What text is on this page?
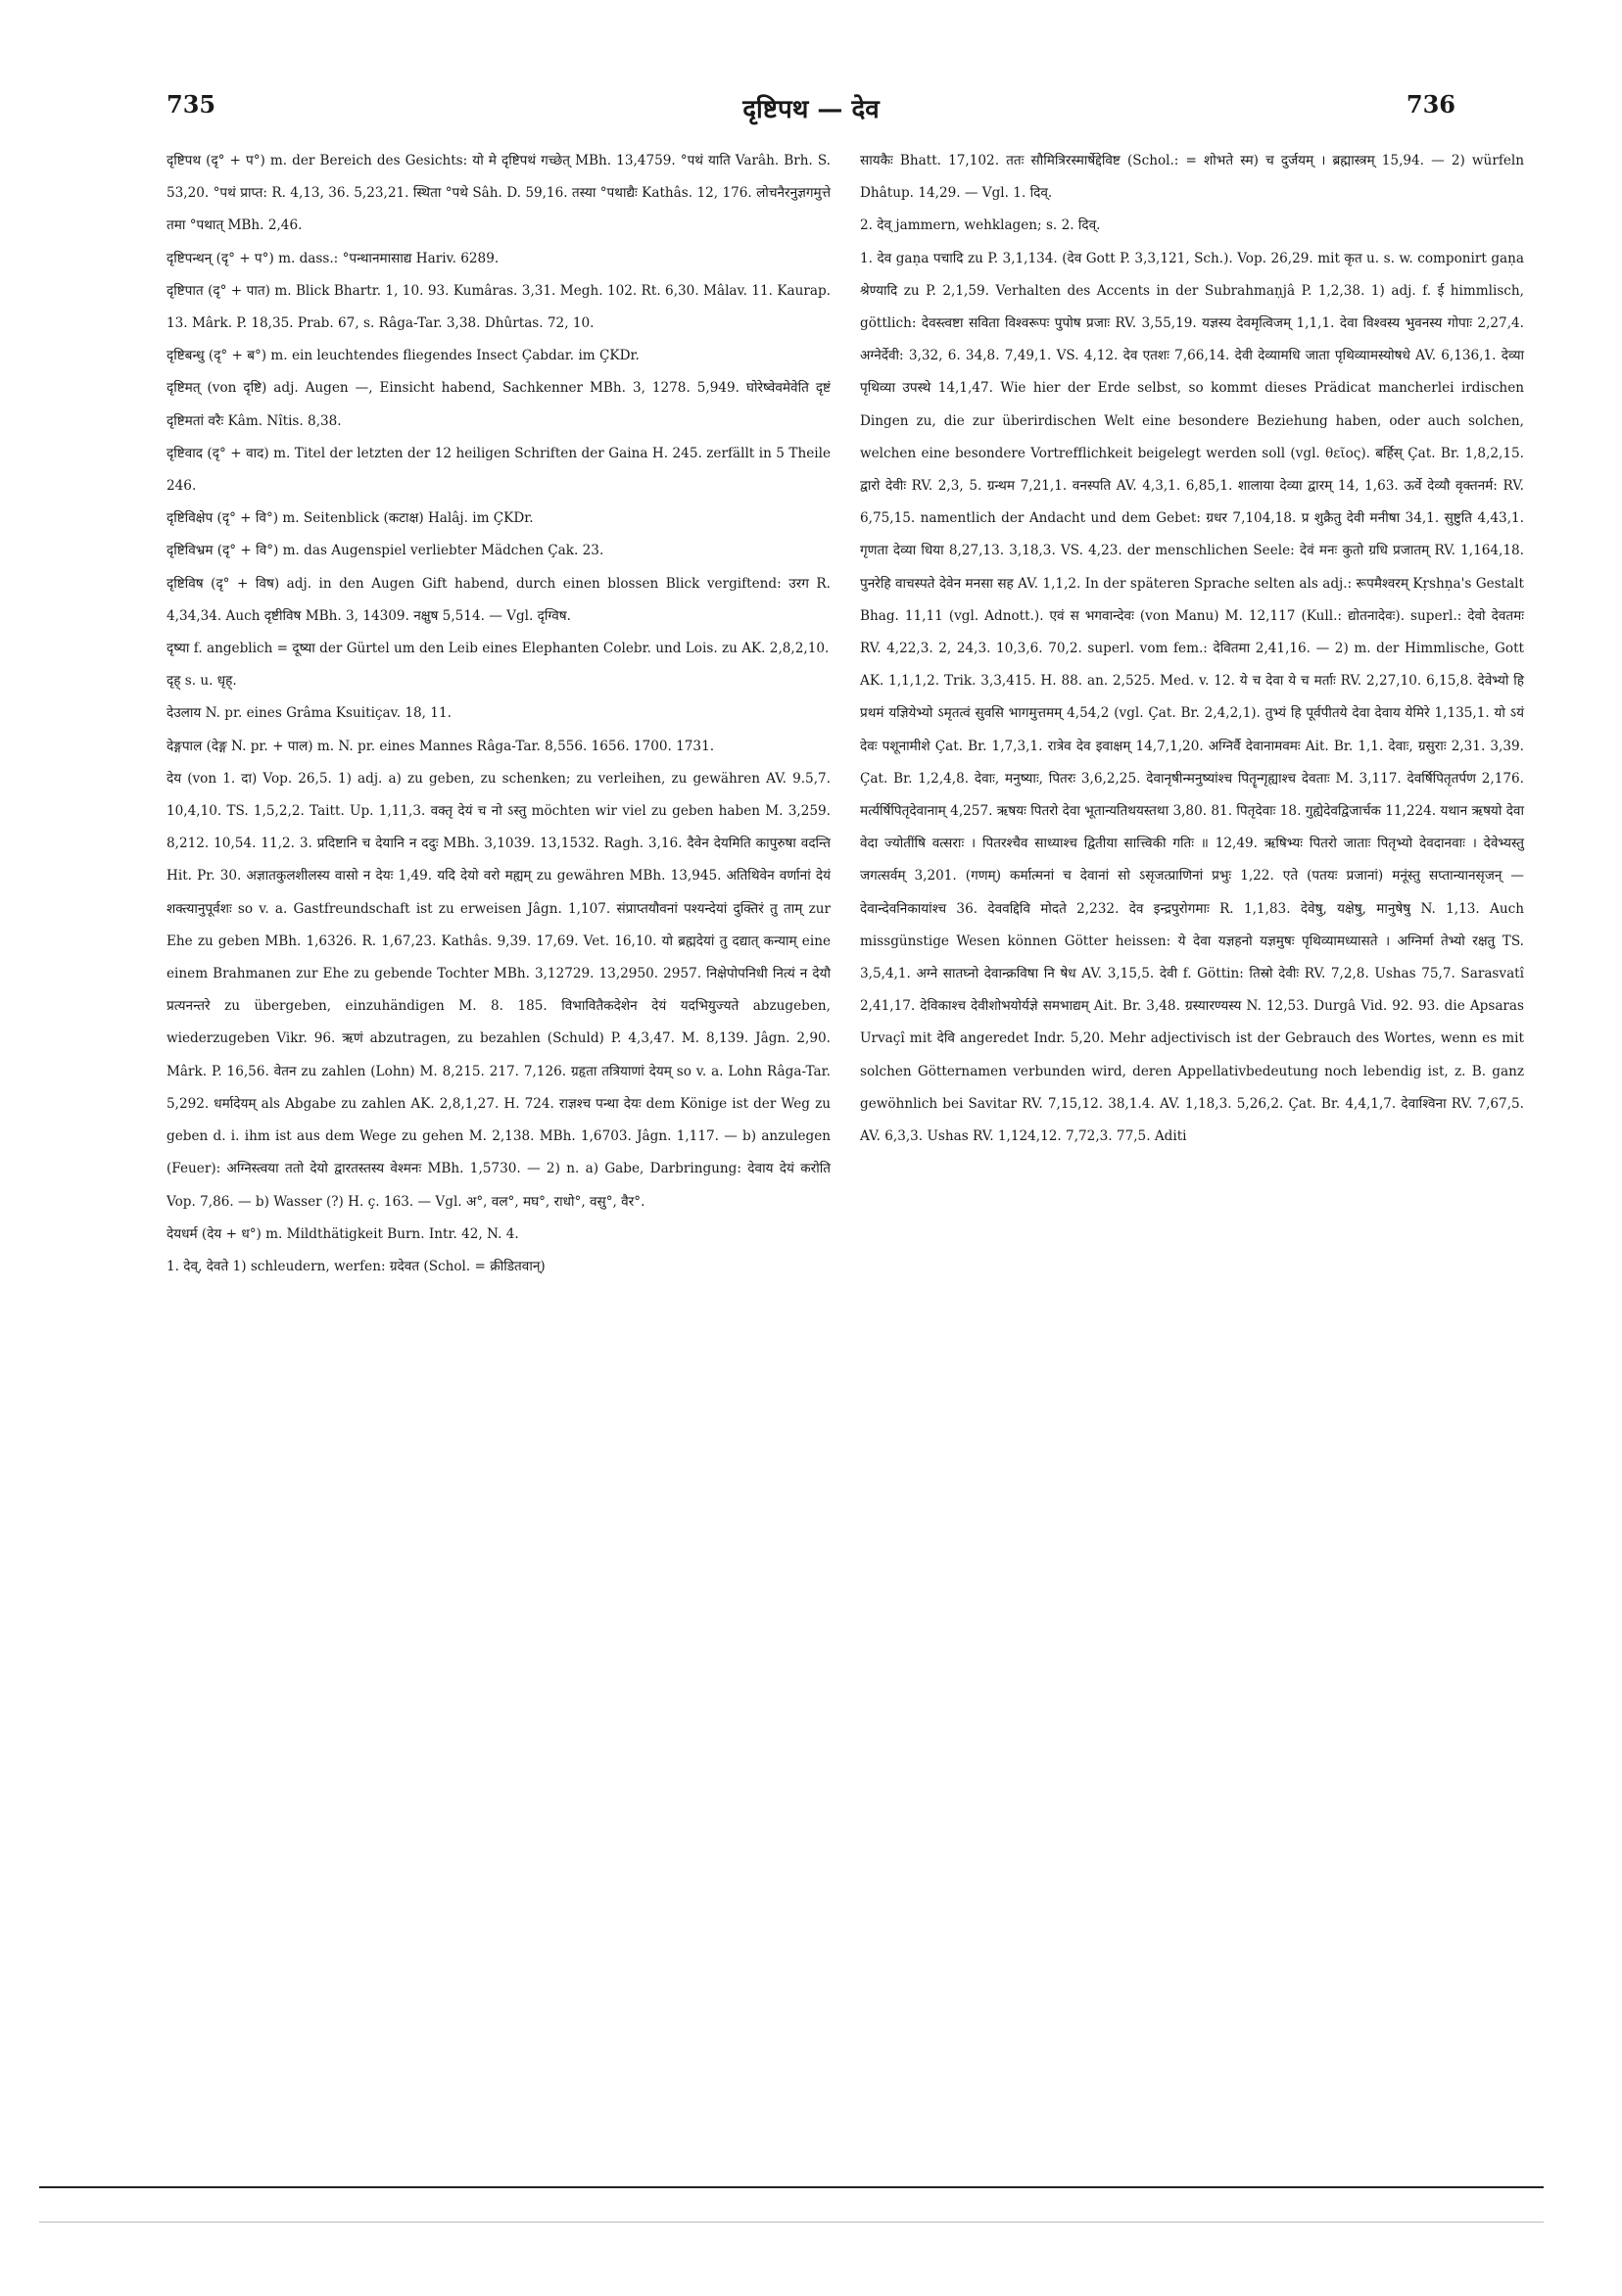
735	दृष्टिपथ — देव	736

दृष्टिपथ (दृ° + प°) m. der Bereich des Gesichts: यो मे दृष्टिपथं गच्छेत् MBh. 13,4759. °पथं याति Varâh. Brh. S. 53,20. °पथं प्राप्त: R. 4,13, 36. 5,23,21. स्थिता °पथे Sâh. D. 59,16. तस्या °पथाद्यैः Kathâs. 12, 176. लोचनैरनुज्ञगमुत्ते तमा °पथात् MBh. 2,46.

दृष्टिपन्थन् (दृ° + प°) m. dass.: °पन्थानमासाद्य Hariv. 6289.

दृष्टिपात (दृ° + पात) m. Blick Bhartr. 1, 10. 93. Kumâras. 3,31. Megh. 102. Rt. 6,30. Mâlav. 11. Kaurap. 13. Mârk. P. 18,35. Prab. 67, s. Râga-Tar. 3,38. Dhûrtas. 72, 10.

दृष्टिबन्धु (दृ° + ब°) m. ein leuchtendes fliegendes Insect Çabdar. im ÇKDr.

दृष्टिमत् (von दृष्टि) adj. Augen —, Einsicht habend, Sachkenner MBh. 3, 1278. 5,949. घोरेष्वेवमेवेति दृष्टं दृष्टिमतां वरैः Kâm. Nîtis. 8,38.

दृष्टिवाद (दृ° + वाद) m. Titel der letzten der 12 heiligen Schriften der Gaina H. 245. zerfällt in 5 Theile 246.

दृष्टिविक्षेप (दृ° + वि°) m. Seitenblick (कटाक्ष) Halâj. im ÇKDr.

दृष्टिविभ्रम (दृ° + वि°) m. das Augenspiel verliebter Mädchen Çak. 23.

दृष्टिविष (दृ° + विष) adj. in den Augen Gift habend, durch einen blossen Blick vergiftend: उरग R. 4,34,34. Auch दृष्टीविष MBh. 3, 14309. नक्षुष 5,514. — Vgl. दृग्विष.

दृष्या f. angeblich = दूष्या der Gürtel um den Leib eines Elephanten Colebr. und Lois. zu AK. 2,8,2,10.

दृह् s. u. धृह्.

देउलाय N. pr. eines Grâma Ksuitiçav. 18, 11.

देङ्गपाल (देङ्ग N. pr. + पाल) m. N. pr. eines Mannes Râga-Tar. 8,556. 1656. 1700. 1731.

देय (von 1. दा) Vop. 26,5. 1) adj. a) zu geben, zu schenken; zu verleihen, zu gewähren AV. 9.5,7. 10,4,10. TS. 1,5,2,2. Taitt. Up. 1,11,3. वक्तृ देयं च नो ऽस्तु möchten wir viel zu geben haben M. 3,259. 8,212. 10,54. 11,2. 3. प्रदिष्टानि च देयानि न ददुः MBh. 3,1039. 13,1532. Ragh. 3,16. दैवेन देयमिति कापुरुषा वदन्ति Hit. Pr. 30. अज्ञातकुलशीलस्य वासो न देयः 1,49. यदि देयो वरो मह्यम् zu gewähren MBh. 13,945. अतिथिवेन वर्णानां देयं शक्त्यानुपूर्वशः so v. a. Gastfreundschaft ist zu erweisen Jâgn. 1,107. संप्राप्तयौवनां पश्यन्देयां दुक्तिरं तु ताम् zur Ehe zu geben MBh. 1,6326. R. 1,67,23. Kathâs. 9,39. 17,69. Vet. 16,10. यो ब्रह्मदेयां तु दद्यात् कन्याम् eine einem Brahmanen zur Ehe zu gebende Tochter MBh. 3,12729. 13,2950. 2957. निक्षेपोपनिधी नित्यं न देयौ प्रत्यनन्तरे zu übergeben, einzuhändigen M. 8. 185. विभावितैकदेशेन देयं यदभियुज्यते abzugeben, wiederzugeben Vikr. 96. ऋणं abzutragen, zu bezahlen (Schuld) P. 4,3,47. M. 8,139. Jâgn. 2,90. Mârk. P. 16,56. वेतन zu zahlen (Lohn) M. 8,215. 217. 7,126. ग्रहृता तत्रियाणां देयम् so v. a. Lohn Râga-Tar. 5,292. धर्मादेयम् als Abgabe zu zahlen AK. 2,8,1,27. H. 724. राज्ञश्च पन्था देयः dem Könige ist der Weg zu geben d. i. ihm ist aus dem Wege zu gehen M. 2,138. MBh. 1,6703. Jâgn. 1,117. — b) anzulegen (Feuer): अग्निस्त्वया ततो देयो द्वारतस्तस्य वेश्मनः MBh. 1,5730. — 2) n. a) Gabe, Darbringung: देवाय देयं करोति Vop. 7,86. — b) Wasser (?) H. ç. 163. — Vgl. अ°, वल°, मघ°, राधो°, वसु°, वैर°.

देयधर्म (देय + ध°) m. Mildthätigkeit Burn. Intr. 42, N. 4.

1. देव्, देवते 1) schleudern, werfen: ग्रदेवत (Schol. = क्रीडितवान्)

सायकैः Bhatt. 17,102. ततः सौमित्रिरस्मार्षेद्देविष्ट (Schol.: = शोभते स्म) च दुर्जयम् । ब्रह्मास्त्रम् 15,94. — 2) würfeln Dhâtup. 14,29. — Vgl. 1. दिव्.

2. देव् jammern, wehklagen; s. 2. दिव्.

1. देव gaṇa पचादि zu P. 3,1,134. (देव Gott P. 3,3,121, Sch.). Vop. 26,29. mit कृत u. s. w. componirt gaṇa श्रेण्यादि zu P. 2,1,59. Verhalten des Accents in der Subrahmaṇjâ P. 1,2,38. 1) adj. f. ई himmlisch, göttlich: देवस्त्वष्टा सविता विश्वरूपः पुपोष प्रजाः RV. 3,55,19. यज्ञस्य देवमृत्विजम् 1,1,1. देवा विश्वस्य भुवनस्य गोपाः 2,27,4. अग्नेर्देवी: 3,32, 6. 34,8. 7,49,1. VS. 4,12. देव एतशः 7,66,14. देवी देव्यामधि जाता पृथिव्यामस्योषधे AV. 6,136,1. देव्या पृथिव्या उपस्थे 14,1,47. Wie hier der Erde selbst, so kommt dieses Prädicat mancherlei irdischen Dingen zu, die zur überirdischen Welt eine besondere Beziehung haben, oder auch solchen, welchen eine besondere Vortrefflichkeit beigelegt werden soll (vgl. θεῖος). बर्हिस् Çat. Br. 1,8,2,15. द्वारो देवीः RV. 2,3, 5. ग्रन्थम 7,21,1. वनस्पति AV. 4,3,1. 6,85,1. शालाया देव्या द्वारम् 14, 1,63. ऊर्वे देव्यौ वृक्तनर्म: RV. 6,75,15. namentlich der Andacht und dem Gebet: ग्रधर 7,104,18. प्र शुक्रैतु देवी मनीषा 34,1. सुष्टुति 4,43,1. गृणता देव्या धिया 8,27,13. 3,18,3. VS. 4,23. der menschlichen Seele: देवं मनः कुतो ग्रधि प्रजातम् RV. 1,164,18. पुनरेहि वाचस्पते देवेन मनसा सह AV. 1,1,2. In der späteren Sprache selten als adj.: रूपमैश्वरम् Kṛshṇa's Gestalt Bhag. 11,11 (vgl. Adnott.). एवं स भगवान्देवः (von Manu) M. 12,117 (Kull.: द्योतनादेवः). superl.: देवो देवतमः RV. 4,22,3. 2, 24,3. 10,3,6. 70,2. superl. vom fem.: देवितमा 2,41,16. — 2) m. der Himmlische, Gott AK. 1,1,1,2. Trik. 3,3,415. H. 88. an. 2,525. Med. v. 12. ये च देवा ये च मर्ताः RV. 2,27,10. 6,15,8. देवेभ्यो हि प्रथमं यज्ञियेभ्यो ऽमृतत्वं सुवसि भागमुत्तमम् 4,54,2 (vgl. Çat. Br. 2,4,2,1). तुभ्यं हि पूर्वपीतये देवा देवाय येमिरे 1,135,1. यो ऽयं देवः पशूनामीशे Çat. Br. 1,7,3,1. रात्रेव देव इवाक्षम् 14,7,1,20. अग्निर्वै देवानामवमः Ait. Br. 1,1. देवाः, ग्रसुराः 2,31. 3,39. Çat. Br. 1,2,4,8. देवाः, मनुष्याः, पितरः 3,6,2,25. देवानृषीन्मनुष्यांश्च पितॄन्गृह्याश्च देवताः M. 3,117. देवर्षिपितृतर्पण 2,176. मर्त्यर्षिपितृदेवानाम् 4,257. ऋषयः पितरो देवा भूतान्यतिथयस्तथा 3,80. 81. पितृदेवाः 18. गुह्येदेवद्विजार्चक 11,224. यथान ऋषयो देवा वेदा ज्योतींषि वत्सराः । पितरश्चैव साध्याश्च द्वितीया सात्त्विकी गतिः ॥ 12,49. ऋषिभ्यः पितरो जाताः पितृभ्यो देवदानवाः । देवेभ्यस्तु जगत्सर्वम् 3,201. (गणम्) कर्मात्मनां च देवानां सो ऽसृजत्प्राणिनां प्रभुः 1,22. एते (पतयः प्रजानां) मनूंस्तु सप्तान्यानसृजन् — देवान्देवनिकायांश्च 36. देववद्दिवि मोदते 2,232. देव इन्द्रपुरोगमाः R. 1,1,83. देवेषु, यक्षेषु, मानुषेषु N. 1,13. Auch missgünstige Wesen können Götter heissen: ये देवा यज्ञहनो यज्ञमुषः पृथिव्यामध्यासते । अग्निर्मा तेभ्यो रक्षतु TS. 3,5,4,1. अग्ने सातघ्नो देवान्क्रविषा नि षेध AV. 3,15,5. देवी f. Göttin: तिस्रो देवीः RV. 7,2,8. Ushas 75,7. Sarasvatî 2,41,17. देविकाश्च देवीशोभयोर्यज्ञे समभाद्यम् Ait. Br. 3,48. ग्रस्यारण्यस्य N. 12,53. Durgâ Vid. 92. 93. die Apsaras Urvaçî mit देवि angeredet Indr. 5,20. Mehr adjectivisch ist der Gebrauch des Wortes, wenn es mit solchen Götternamen verbunden wird, deren Appellativbedeutung noch lebendig ist, z. B. ganz gewöhnlich bei Savitar RV. 7,15,12. 38,1.4. AV. 1,18,3. 5,26,2. Çat. Br. 4,4,1,7. देवाश्विना RV. 7,67,5. AV. 6,3,3. Ushas RV. 1,124,12. 7,72,3. 77,5. Aditi
